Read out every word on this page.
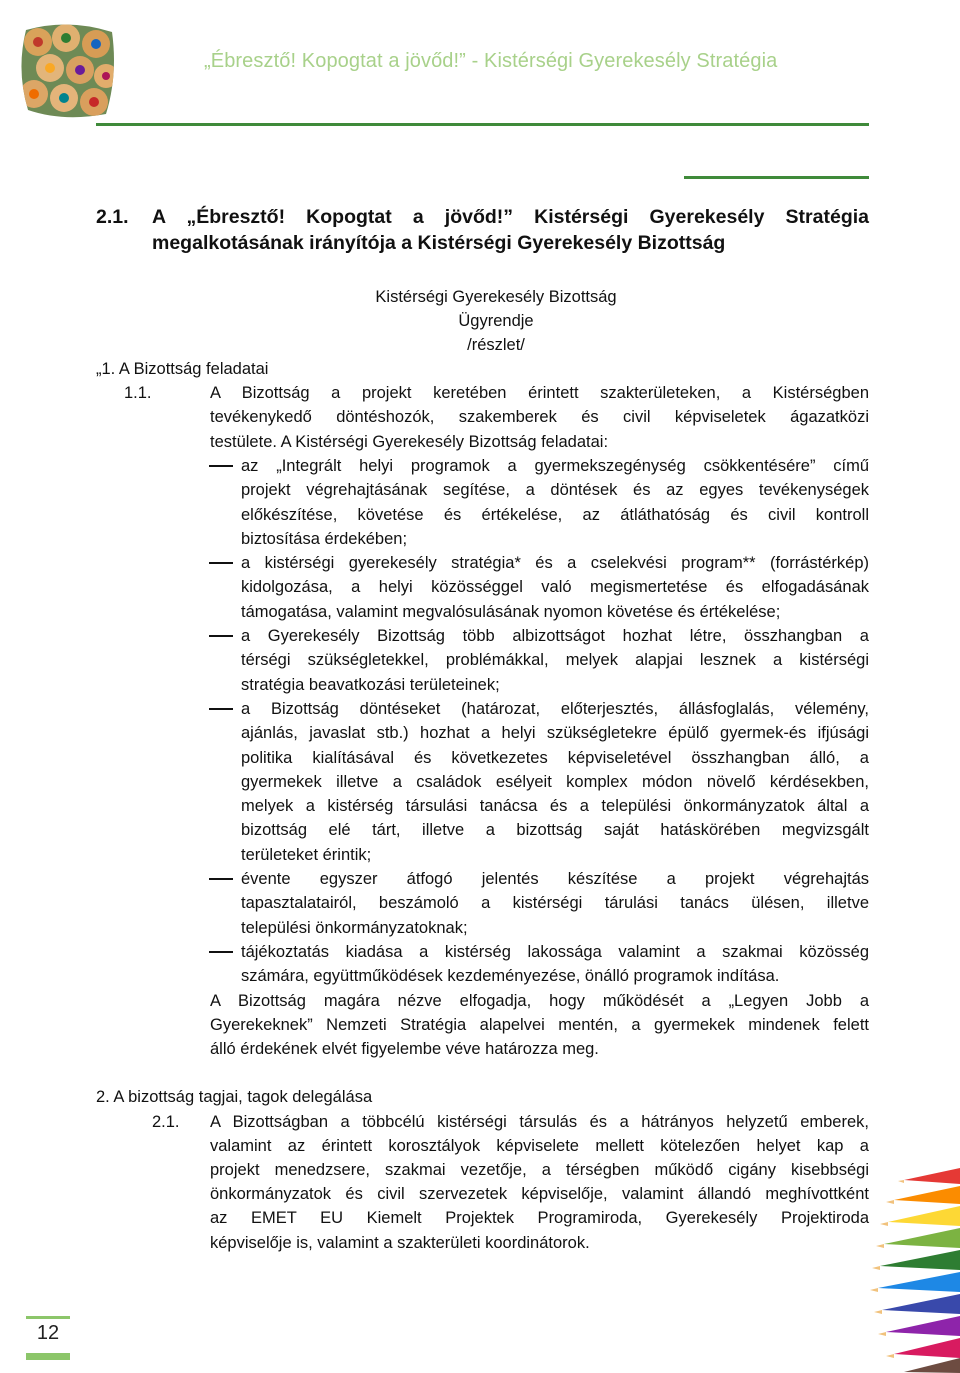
„Ébresztő! Kopogtat a jövőd!” - Kistérségi Gyerekesély Stratégia
2.1. A „Ébresztő! Kopogtat a jövőd!” Kistérségi Gyerekesély Stratégia
megalkotásának irányítója a Kistérségi Gyerekesély Bizottság
Kistérségi Gyerekesély Bizottság
Ügyrendje
/részlet/
„1. A Bizottság feladatai
1.1.	A Bizottság a projekt keretében érintett szakterületeken, a Kistérségben
tevékenykedő döntéshozók, szakemberek és civil képviseletek ágazatközi
testülete. A Kistérségi Gyerekesély Bizottság feladatai:
az „Integrált helyi programok a gyermekszegénység csökkentésére” című
projekt végrehajtásának segítése, a döntések és az egyes tevékenységek
előkészítése, követése és értékelése, az átláthatóság és civil kontroll
biztosítása érdekében;
a kistérségi gyerekesély stratégia* és a cselekvési program** (forrástérkép)
kidolgozása, a helyi közösséggel való megismertetése és elfogadásának
támogatása, valamint megvalósulásának nyomon követése és értékelése;
a Gyerekesély Bizottság több albizottságot hozhat létre, összhangban a
térségi szükségletekkel, problémákkal, melyek alapjai lesznek a kistérségi
stratégia beavatkozási területeinek;
a Bizottság döntéseket (határozat, előterjesztés, állásfoglalás, vélemény,
ajánlás, javaslat stb.) hozhat a helyi szükségletekre épülő gyermek-és ifjúsági
politika kialításával és következetes képviseletével összhangban álló, a
gyermekek illetve a családok esélyeit komplex módon növelő kérdésekben,
melyek a kistérség társulási tanácsa és a települési önkormányzatok által a
bizottság elé tárt, illetve a bizottság saját hatáskörében megvizsgált
területeket érintik;
évente egyszer átfogó jelentés készítése a projekt végrehajtás
tapasztalatairól, beszámoló a kistérségi tárulási tanács ülésen, illetve
települési önkormányzatoknak;
tájékoztatás kiadása a kistérség lakossága valamint a szakmai közösség
számára, együttműködések kezdeményezése, önálló programok indítása.
A Bizottság magára nézve elfogadja, hogy működését a „Legyen Jobb a
Gyerekeknek” Nemzeti Stratégia alapelvei mentén, a gyermekek mindenek felett
álló érdekének elvét figyelembe véve határozza meg.
2. A bizottság tagjai, tagok delegálása
2.1. A Bizottságban a többcélú kistérségi társulás és a hátrányos helyzetű emberek,
valamint az érintett korosztályok képviselete mellett kötelezően helyet kap a
projekt menedzsere, szakmai vezetője, a térségben működő cigány kisebbségi
önkormányzatok és civil szervezetek képviselője, valamint állandó meghívottként
az EMET EU Kiemelt Projektek Programiroda, Gyerekesély Projektiroda
képviselője is, valamint a szakterületi koordinátorok.
12
